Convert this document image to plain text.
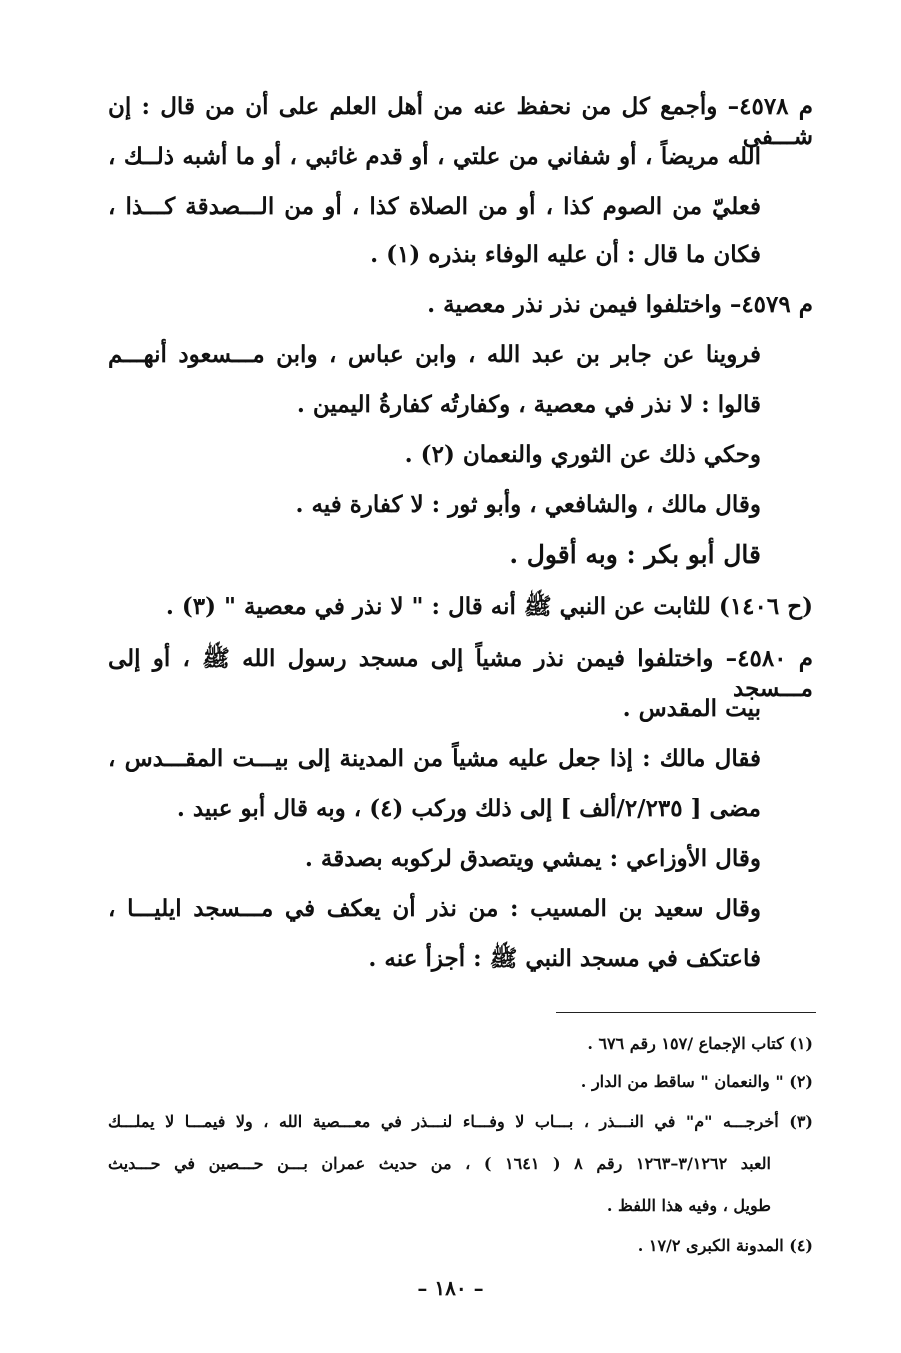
م ٤٥٧٨– وأجمع كل من نحفظ عنه من أهل العلم على أن من قال : إن شـــفى
الله مريضاً ، أو شفاني من علتي ، أو قدم غائبي ، أو ما أشبه ذلــك ،
فعليّ من الصوم كذا ، أو من الصلاة كذا ، أو من الـــصدقة كـــذا ،
فكان ما قال : أن عليه الوفاء بنذره (١) .
م ٤٥٧٩– واختلفوا فيمن نذر نذر معصية .
فروينا عن جابر بن عبد الله ، وابن عباس ، وابن مـــسعود أنهـــم
قالوا : لا نذر في معصية ، وكفارتُه كفارةُ اليمين .
وحكي ذلك عن الثوري والنعمان (٢) .
وقال مالك ، والشافعي ، وأبو ثور : لا كفارة فيه .
قال أبو بكر : وبه أقول .
(ح ١٤٠٦) للثابت عن النبي ﷺ أنه قال : " لا نذر في معصية " (٣) .
م ٤٥٨٠– واختلفوا فيمن نذر مشياً إلى مسجد رسول الله ﷺ ، أو إلى مـــسجد
بيت المقدس .
فقال مالك : إذا جعل عليه مشياً من المدينة إلى بيـــت المقـــدس ،
مضى [ ٢/٢٣٥/ألف ] إلى ذلك وركب (٤) ، وبه قال أبو عبيد .
وقال الأوزاعي : يمشي ويتصدق لركوبه بصدقة .
وقال سعيد بن المسيب : من نذر أن يعكف في مـــسجد ايليـــا ،
فاعتكف في مسجد النبي ﷺ : أجزأ عنه .
(١) كتاب الإجماع /١٥٧ رقم ٦٧٦ .
(٢) " والنعمان " ساقط من الدار .
(٣) أخرجـــه "م" في النـــذر ، بـــاب لا وفـــاء لنـــذر في معـــصية الله ، ولا فيمـــا لا يملـــك
العبد ٣/١٢٦٢–١٢٦٣ رقم ٨ ( ١٦٤١ ) ، من حديث عمران بـــن حـــصين في حـــديث
طويل ، وفيه هذا اللفظ .
(٤) المدونة الكبرى ١٧/٢ .
– ١٨٠ –
